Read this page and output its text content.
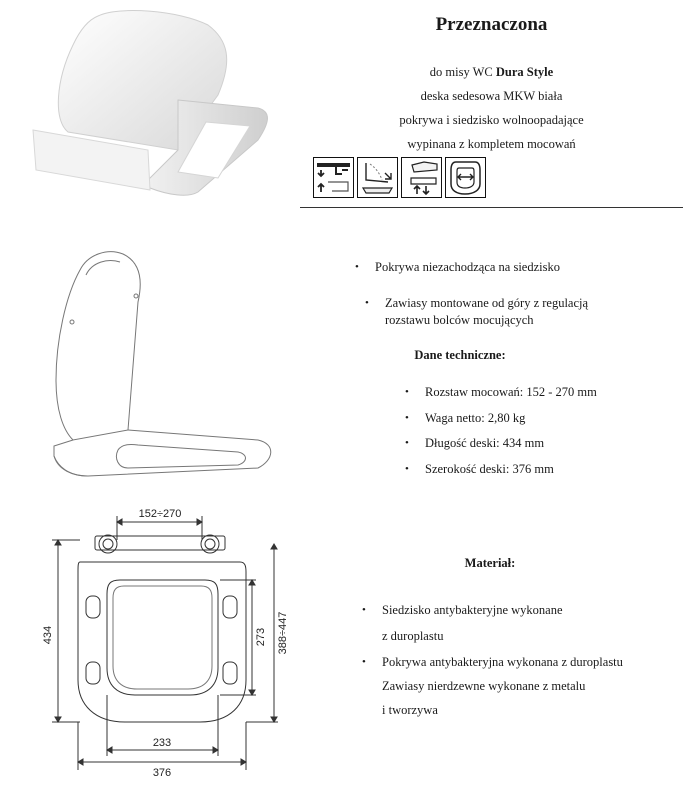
Przeznaczona
do misy WC Dura Style
deska sedesowa MKW biała
pokrywa i siedzisko wolnoopadające
wypinana z kompletem mocowań
• Pokrywa niezachodząca na siedzisko
• Zawiasy montowane od góry z regulacją
rozstawu bolców mocujących
Dane techniczne:
• Rozstaw mocowań: 152 - 270 mm
• Waga netto: 2,80 kg
• Długość deski: 434 mm
• Szerokość deski: 376 mm
Materiał:
• Siedzisko antybakteryjne wykonane
z duroplastu
• Pokrywa antybakteryjna wykonana z duroplastu
Zawiasy nierdzewne wykonane z metalu
i tworzywa
152÷270
434	273 388÷447
233
376
